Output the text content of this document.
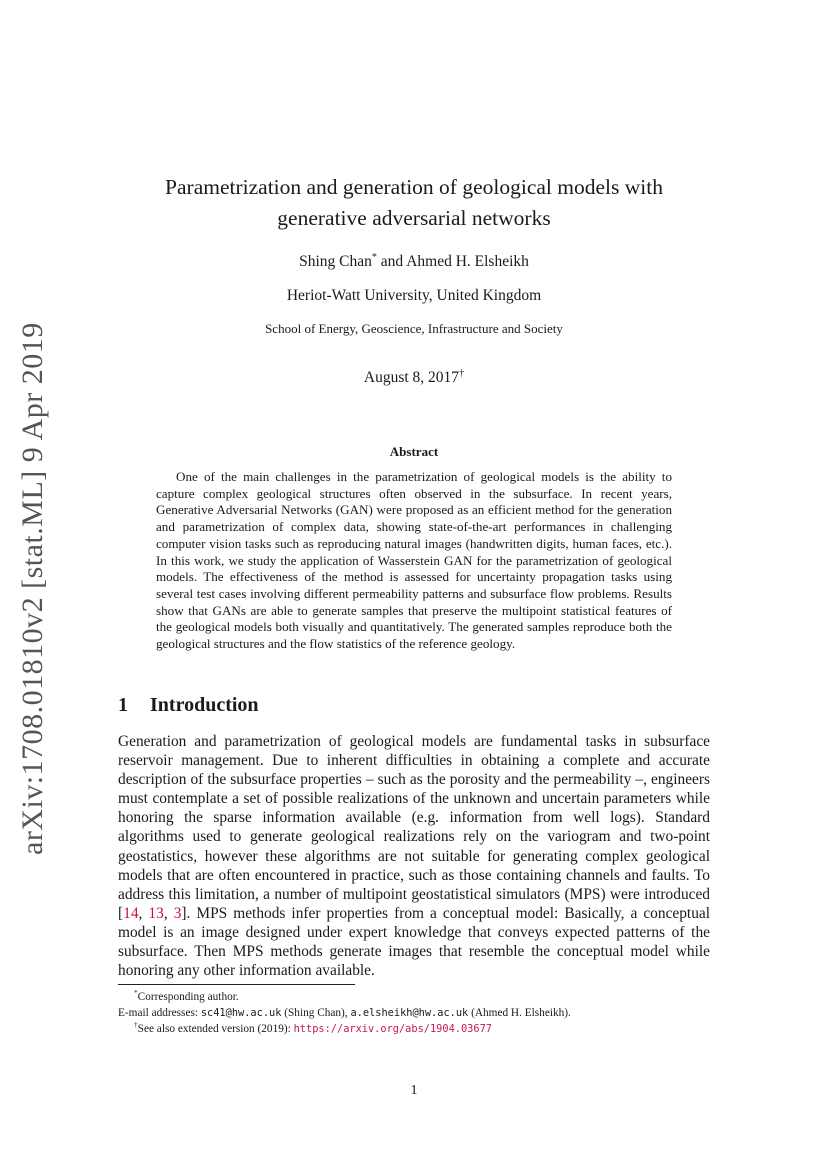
arXiv:1708.01810v2 [stat.ML] 9 Apr 2019
Parametrization and generation of geological models with
generative adversarial networks
Shing Chan* and Ahmed H. Elsheikh
Heriot-Watt University, United Kingdom
School of Energy, Geoscience, Infrastructure and Society
August 8, 2017†
Abstract

One of the main challenges in the parametrization of geological models is the ability to capture complex geological structures often observed in the subsurface. In recent years, Generative Adversarial Networks (GAN) were proposed as an efficient method for the generation and parametrization of complex data, showing state-of-the-art performances in challenging computer vision tasks such as reproducing natural images (handwritten digits, human faces, etc.). In this work, we study the application of Wasserstein GAN for the parametrization of geological models. The effectiveness of the method is assessed for uncertainty propagation tasks using several test cases involving different permeability patterns and subsurface flow problems. Results show that GANs are able to generate samples that preserve the multipoint statistical features of the geological models both visually and quantitatively. The generated samples reproduce both the geological structures and the flow statistics of the reference geology.

1 Introduction

Generation and parametrization of geological models are fundamental tasks in subsurface reservoir management. Due to inherent difficulties in obtaining a complete and accurate description of the subsurface properties – such as the porosity and the permeability –, engineers must contemplate a set of possible realizations of the unknown and uncertain parameters while honoring the sparse information available (e.g. information from well logs). Standard algorithms used to generate geological realizations rely on the variogram and two-point geostatistics, however these algorithms are not suitable for generating complex geological models that are often encountered in practice, such as those containing channels and faults. To address this limitation, a number of multipoint geostatistical simulators (MPS) were introduced [14, 13, 3]. MPS methods infer properties from a conceptual model: Basically, a conceptual model is an image designed under expert knowledge that conveys expected patterns of the subsurface. Then MPS methods generate images that resemble the conceptual model while honoring any other information available.

*Corresponding author.

E-mail addresses: sc41@hw.ac.uk (Shing Chan), a.elsheikh@hw.ac.uk (Ahmed H. Elsheikh).

†See also extended version (2019): https://arxiv.org/abs/1904.03677

1
